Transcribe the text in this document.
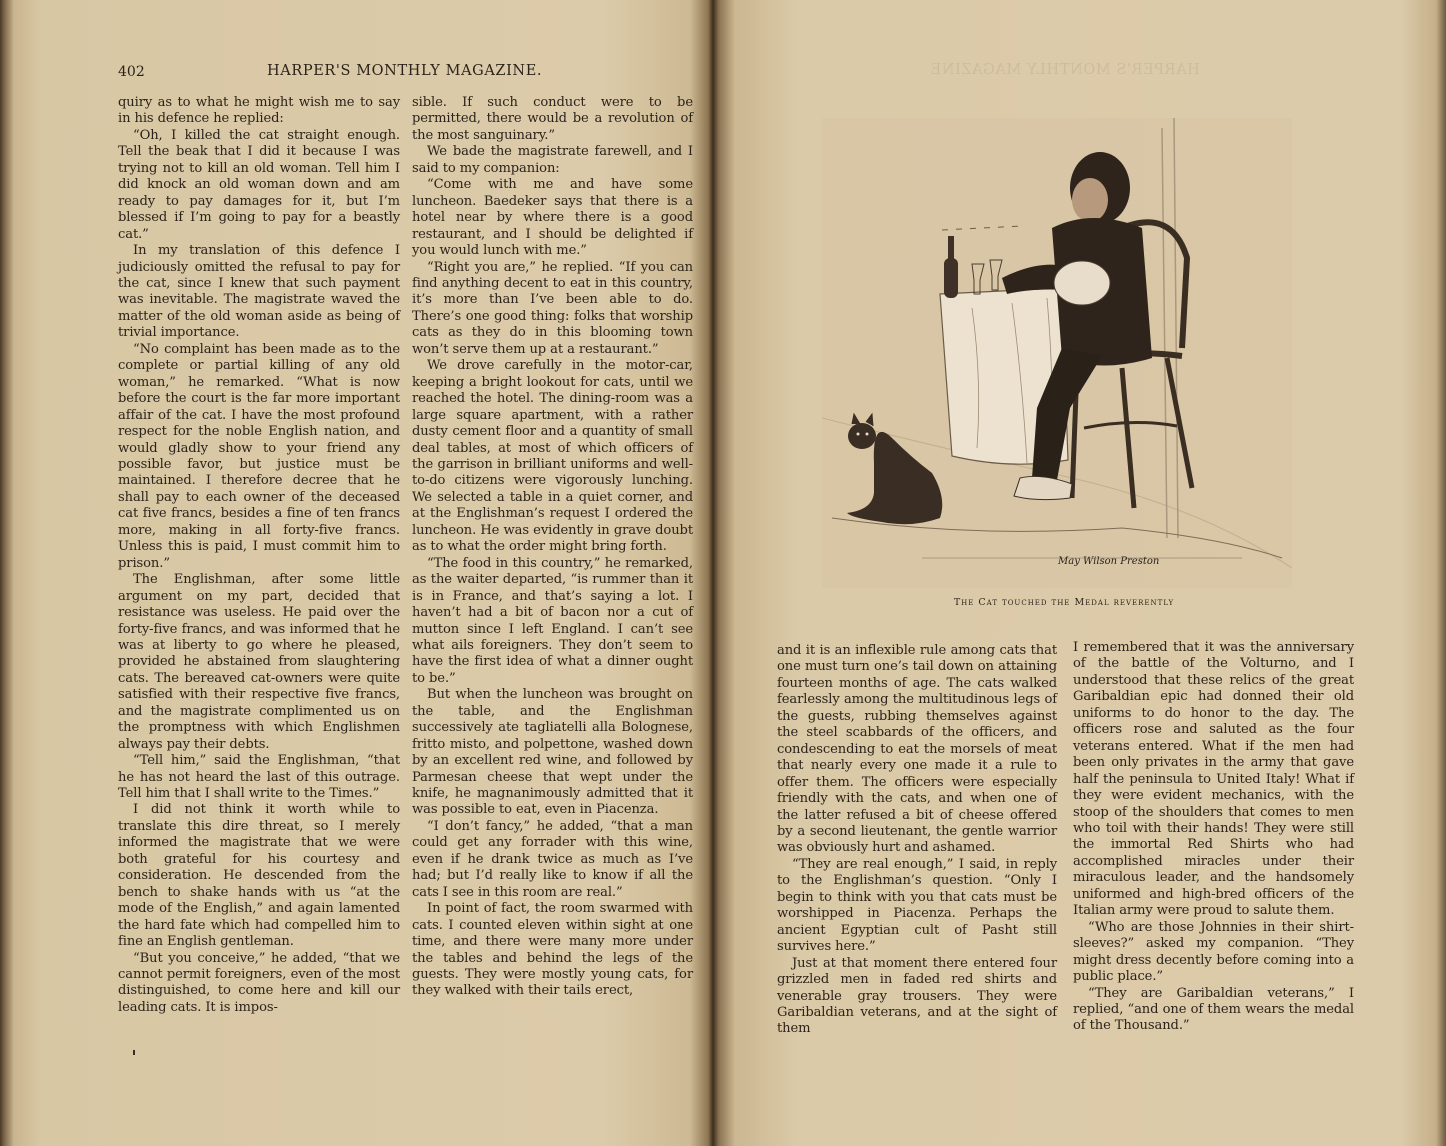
402	HARPER'S MONTHLY MAGAZINE.	HARPER'S MONTHLY MAGAZINE

quiry as to what he might wish me to say in his defence he replied:

“Oh, I killed the cat straight enough. Tell the beak that I did it because I was trying not to kill an old woman. Tell him I did knock an old woman down and am ready to pay damages for it, but I’m blessed if I’m going to pay for a beastly cat.”

In my translation of this defence I judiciously omitted the refusal to pay for the cat, since I knew that such payment was inevitable. The magistrate waved the matter of the old woman aside as being of trivial importance.

“No complaint has been made as to the complete or partial killing of any old woman,” he remarked. “What is now before the court is the far more important affair of the cat. I have the most profound respect for the noble English nation, and would gladly show to your friend any possible favor, but justice must be maintained. I therefore decree that he shall pay to each owner of the deceased cat five francs, besides a fine of ten francs more, making in all forty-five francs. Unless this is paid, I must commit him to prison.”

The Englishman, after some little argument on my part, decided that resistance was useless. He paid over the forty-five francs, and was informed that he was at liberty to go where he pleased, provided he abstained from slaughtering cats. The bereaved cat-owners were quite satisfied with their respective five francs, and the magistrate complimented us on the promptness with which Englishmen always pay their debts.

“Tell him,” said the Englishman, “that he has not heard the last of this outrage. Tell him that I shall write to the Times.”

I did not think it worth while to translate this dire threat, so I merely informed the magistrate that we were both grateful for his courtesy and consideration. He descended from the bench to shake hands with us “at the mode of the English,” and again lamented the hard fate which had compelled him to fine an English gentleman.

“But you conceive,” he added, “that we cannot permit foreigners, even of the most distinguished, to come here and kill our leading cats. It is impos-

sible. If such conduct were to be permitted, there would be a revolution of the most sanguinary.”

We bade the magistrate farewell, and I said to my companion:

“Come with me and have some luncheon. Baedeker says that there is a hotel near by where there is a good restaurant, and I should be delighted if you would lunch with me.”

“Right you are,” he replied. “If you can find anything decent to eat in this country, it’s more than I’ve been able to do. There’s one good thing: folks that worship cats as they do in this blooming town won’t serve them up at a restaurant.”

We drove carefully in the motor-car, keeping a bright lookout for cats, until we reached the hotel. The dining-room was a large square apartment, with a rather dusty cement floor and a quantity of small deal tables, at most of which officers of the garrison in brilliant uniforms and well-to-do citizens were vigorously lunching. We selected a table in a quiet corner, and at the Englishman’s request I ordered the luncheon. He was evidently in grave doubt as to what the order might bring forth.

“The food in this country,” he remarked, as the waiter departed, “is rummer than it is in France, and that’s saying a lot. I haven’t had a bit of bacon nor a cut of mutton since I left England. I can’t see what ails foreigners. They don’t seem to have the first idea of what a dinner ought to be.”

But when the luncheon was brought on the table, and the Englishman successively ate tagliatelli alla Bolognese, fritto misto, and polpettone, washed down by an excellent red wine, and followed by Parmesan cheese that wept under the knife, he magnanimously admitted that it was possible to eat, even in Piacenza.

“I don’t fancy,” he added, “that a man could get any forrader with this wine, even if he drank twice as much as I’ve had; but I’d really like to know if all the cats I see in this room are real.”

In point of fact, the room swarmed with cats. I counted eleven within sight at one time, and there were many more under the tables and behind the legs of the guests. They were mostly young cats, for they walked with their tails erect,

May Wilson Preston
The Cat touched the Medal reverently

and it is an inflexible rule among cats that one must turn one’s tail down on attaining fourteen months of age. The cats walked fearlessly among the multitudinous legs of the guests, rubbing themselves against the steel scabbards of the officers, and condescending to eat the morsels of meat that nearly every one made it a rule to offer them. The officers were especially friendly with the cats, and when one of the latter refused a bit of cheese offered by a second lieutenant, the gentle warrior was obviously hurt and ashamed.

“They are real enough,” I said, in reply to the Englishman’s question. “Only I begin to think with you that cats must be worshipped in Piacenza. Perhaps the ancient Egyptian cult of Pasht still survives here.”

Just at that moment there entered four grizzled men in faded red shirts and venerable gray trousers. They were Garibaldian veterans, and at the sight of them

I remembered that it was the anniversary of the battle of the Volturno, and I understood that these relics of the great Garibaldian epic had donned their old uniforms to do honor to the day. The officers rose and saluted as the four veterans entered. What if the men had been only privates in the army that gave half the peninsula to United Italy! What if they were evident mechanics, with the stoop of the shoulders that comes to men who toil with their hands! They were still the immortal Red Shirts who had accomplished miracles under their miraculous leader, and the handsomely uniformed and high-bred officers of the Italian army were proud to salute them.

“Who are those Johnnies in their shirt-sleeves?” asked my companion. “They might dress decently before coming into a public place.”

“They are Garibaldian veterans,” I replied, “and one of them wears the medal of the Thousand.”
